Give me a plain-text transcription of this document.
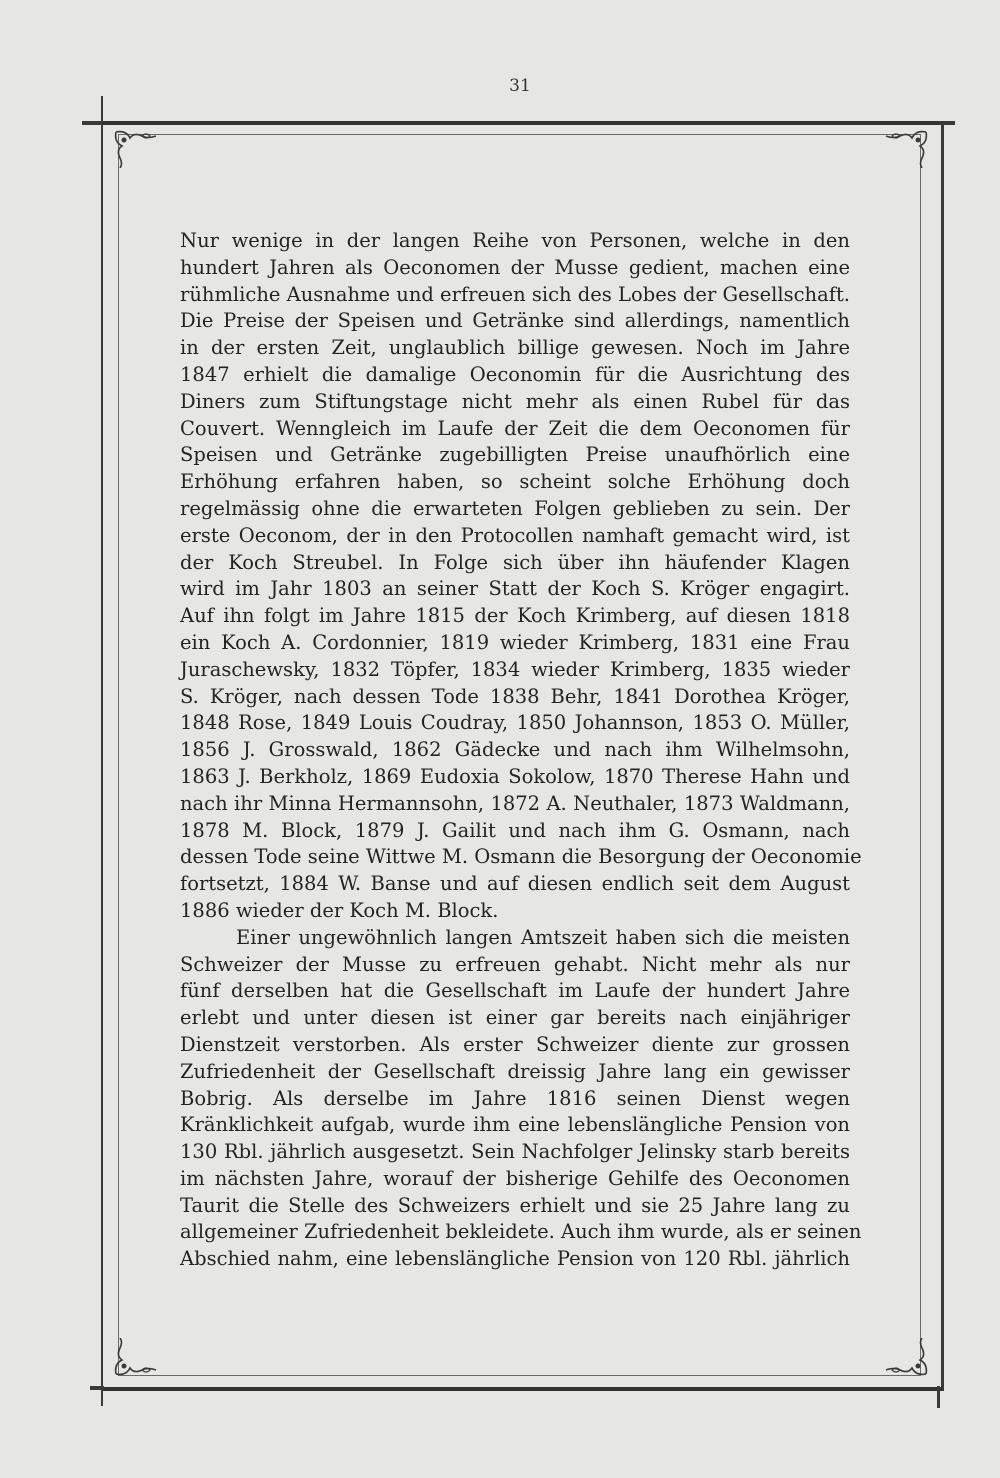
31
Nur wenige in der langen Reihe von Personen, welche in den
hundert Jahren als Oeconomen der Musse gedient, machen eine
rühmliche Ausnahme und erfreuen sich des Lobes der Gesellschaft.
Die Preise der Speisen und Getränke sind allerdings, namentlich
in der ersten Zeit, unglaublich billige gewesen. Noch im Jahre
1847 erhielt die damalige Oeconomin für die Ausrichtung des
Diners zum Stiftungstage nicht mehr als einen Rubel für das
Couvert. Wenngleich im Laufe der Zeit die dem Oeconomen für
Speisen und Getränke zugebilligten Preise unaufhörlich eine
Erhöhung erfahren haben, so scheint solche Erhöhung doch
regelmässig ohne die erwarteten Folgen geblieben zu sein. Der
erste Oeconom, der in den Protocollen namhaft gemacht wird, ist
der Koch Streubel. In Folge sich über ihn häufender Klagen
wird im Jahr 1803 an seiner Statt der Koch S. Kröger engagirt.
Auf ihn folgt im Jahre 1815 der Koch Krimberg, auf diesen 1818
ein Koch A. Cordonnier, 1819 wieder Krimberg, 1831 eine Frau
Juraschewsky, 1832 Töpfer, 1834 wieder Krimberg, 1835 wieder
S. Kröger, nach dessen Tode 1838 Behr, 1841 Dorothea Kröger,
1848 Rose, 1849 Louis Coudray, 1850 Johannson, 1853 O. Müller,
1856 J. Grosswald, 1862 Gädecke und nach ihm Wilhelmsohn,
1863 J. Berkholz, 1869 Eudoxia Sokolow, 1870 Therese Hahn und
nach ihr Minna Hermannsohn, 1872 A. Neuthaler, 1873 Waldmann,
1878 M. Block, 1879 J. Gailit und nach ihm G. Osmann, nach
dessen Tode seine Wittwe M. Osmann die Besorgung der Oeconomie
fortsetzt, 1884 W. Banse und auf diesen endlich seit dem August
1886 wieder der Koch M. Block.
Einer ungewöhnlich langen Amtszeit haben sich die meisten
Schweizer der Musse zu erfreuen gehabt. Nicht mehr als nur
fünf derselben hat die Gesellschaft im Laufe der hundert Jahre
erlebt und unter diesen ist einer gar bereits nach einjähriger
Dienstzeit verstorben. Als erster Schweizer diente zur grossen
Zufriedenheit der Gesellschaft dreissig Jahre lang ein gewisser
Bobrig. Als derselbe im Jahre 1816 seinen Dienst wegen
Kränklichkeit aufgab, wurde ihm eine lebenslängliche Pension von
130 Rbl. jährlich ausgesetzt. Sein Nachfolger Jelinsky starb bereits
im nächsten Jahre, worauf der bisherige Gehilfe des Oeconomen
Taurit die Stelle des Schweizers erhielt und sie 25 Jahre lang zu
allgemeiner Zufriedenheit bekleidete. Auch ihm wurde, als er seinen
Abschied nahm, eine lebenslängliche Pension von 120 Rbl. jährlich
